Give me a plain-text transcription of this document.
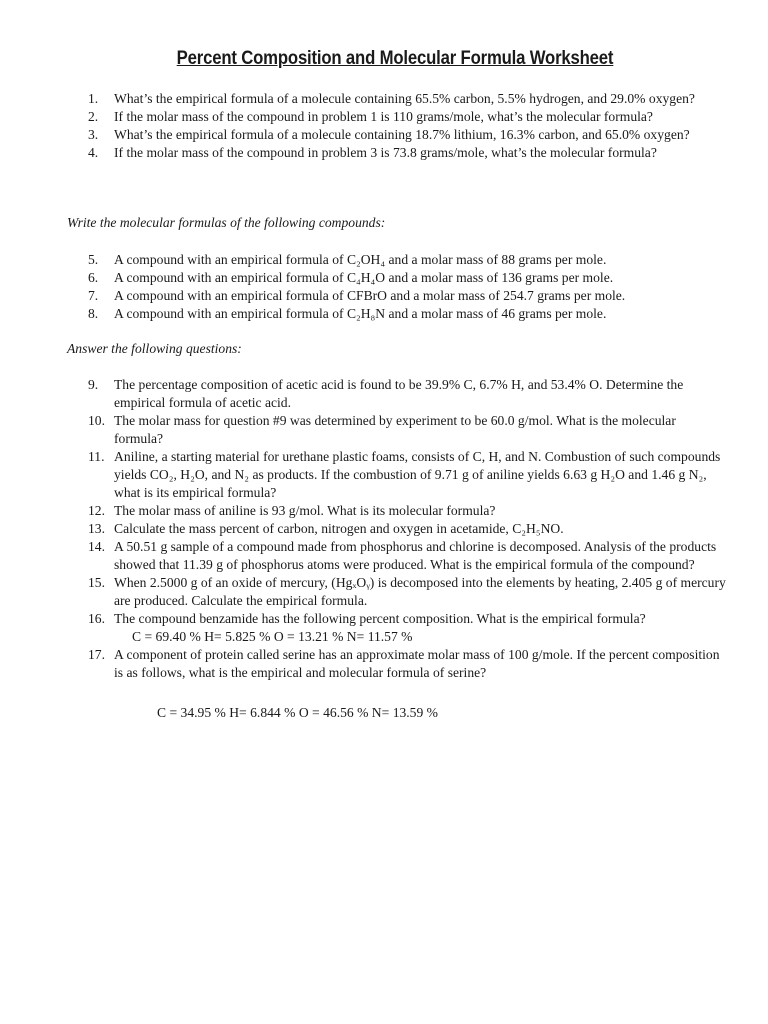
Percent Composition and Molecular Formula Worksheet
1.	What’s the empirical formula of a molecule containing 65.5% carbon, 5.5% hydrogen, and 29.0% oxygen?
2.	If the molar mass of the compound in problem 1 is 110 grams/mole, what’s the molecular formula?
3.	What’s the empirical formula of a molecule containing 18.7% lithium, 16.3% carbon, and 65.0% oxygen?
4.	If the molar mass of the compound in problem 3 is 73.8 grams/mole, what’s the molecular formula?
Write the molecular formulas of the following compounds:
5.	A compound with an empirical formula of C₂OH₄ and a molar mass of 88 grams per mole.
6.	A compound with an empirical formula of C₄H₄O and a molar mass of 136 grams per mole.
7.	A compound with an empirical formula of CFBrO and a molar mass of 254.7 grams per mole.
8.	A compound with an empirical formula of C₂H₈N and a molar mass of 46 grams per mole.
Answer the following questions:
9.	The percentage composition of acetic acid is found to be 39.9% C, 6.7% H, and 53.4% O. Determine the empirical formula of acetic acid.
10. The molar mass for question #9 was determined by experiment to be 60.0 g/mol. What is the molecular formula?
11. Aniline, a starting material for urethane plastic foams, consists of C, H, and N. Combustion of such compounds yields CO₂, H₂O, and N₂ as products. If the combustion of 9.71 g of aniline yields 6.63 g H₂O and 1.46 g N₂, what is its empirical formula?
12. The molar mass of aniline is 93 g/mol. What is its molecular formula?
13. Calculate the mass percent of carbon, nitrogen and oxygen in acetamide, C₂H₅NO.
14. A 50.51 g sample of a compound made from phosphorus and chlorine is decomposed. Analysis of the products showed that 11.39 g of phosphorus atoms were produced. What is the empirical formula of the compound?
15. When 2.5000 g of an oxide of mercury, (HgₓOᵧ) is decomposed into the elements by heating, 2.405 g of mercury are produced. Calculate the empirical formula.
16. The compound benzamide has the following percent composition. What is the empirical formula?
C = 69.40 % H= 5.825 % O = 13.21 % N= 11.57 %
17. A component of protein called serine has an approximate molar mass of 100 g/mole. If the percent composition is as follows, what is the empirical and molecular formula of serine?
C = 34.95 % H= 6.844 % O = 46.56 % N= 13.59 %
